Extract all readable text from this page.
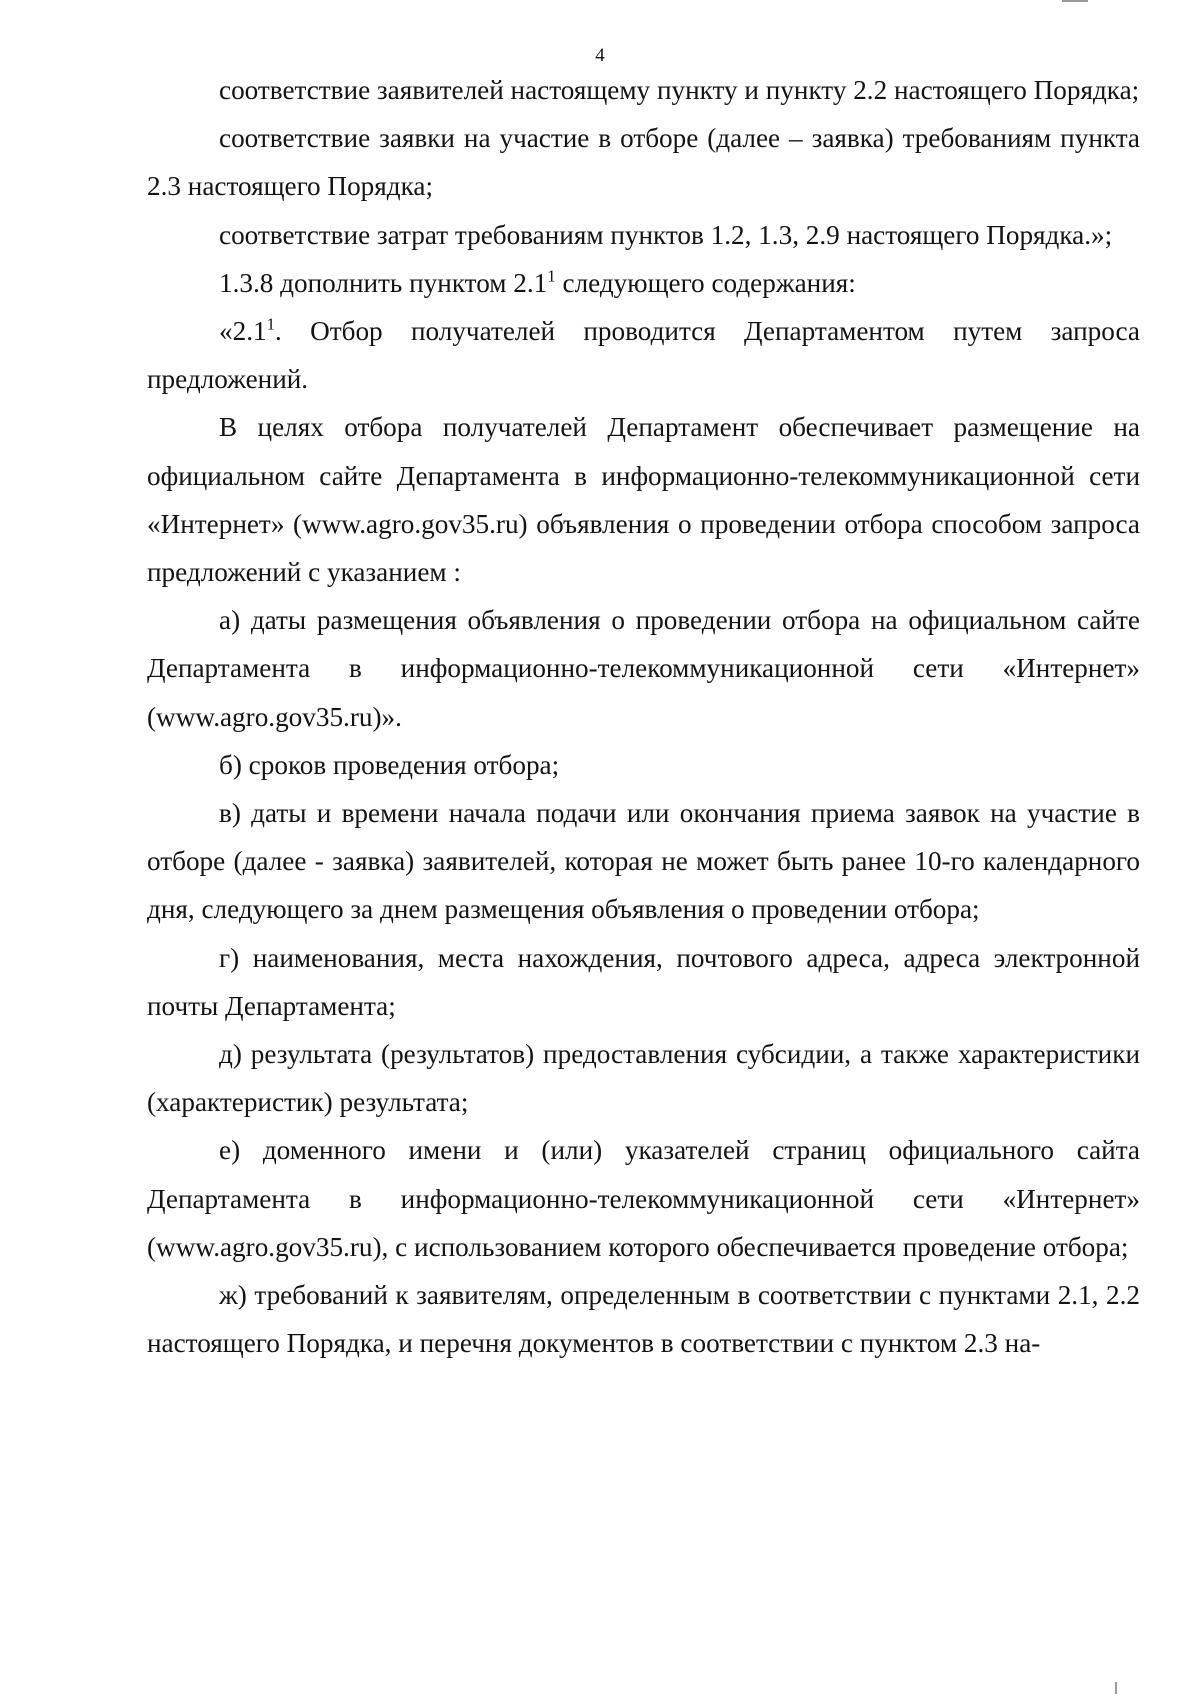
4

соответствие заявителей настоящему пункту и пункту 2.2 настоящего Порядка;

соответствие заявки на участие в отборе (далее – заявка) требованиям пункта 2.3 настоящего Порядка;

соответствие затрат требованиям пунктов 1.2, 1.3, 2.9 настоящего Порядка.»;

1.3.8 дополнить пунктом $2.1^1$ следующего содержания:

«$2.1^1$. Отбор получателей проводится Департаментом путем запроса предложений.

В целях отбора получателей Департамент обеспечивает размещение на официальном сайте Департамента в информационно-телекоммуникационной сети «Интернет» (www.agro.gov35.ru) объявления о проведении отбора способом запроса предложений с указанием :

а) даты размещения объявления о проведении отбора на официальном сайте Департамента в информационно-телекоммуникационной сети «Интернет» (www.agro.gov35.ru)».

б) сроков проведения отбора;

в) даты и времени начала подачи или окончания приема заявок на участие в отборе (далее - заявка) заявителей, которая не может быть ранее 10-го календарного дня, следующего за днем размещения объявления о проведении отбора;

г) наименования, места нахождения, почтового адреса, адреса электронной почты Департамента;

д) результата (результатов) предоставления субсидии, а также характеристики (характеристик) результата;

е) доменного имени и (или) указателей страниц официального сайта Департамента в информационно-телекоммуникационной сети «Интернет» (www.agro.gov35.ru), с использованием которого обеспечивается проведение отбора;

ж) требований к заявителям, определенным в соответствии с пунктами 2.1, 2.2 настоящего Порядка, и перечня документов в соответствии с пунктом 2.3 на-
